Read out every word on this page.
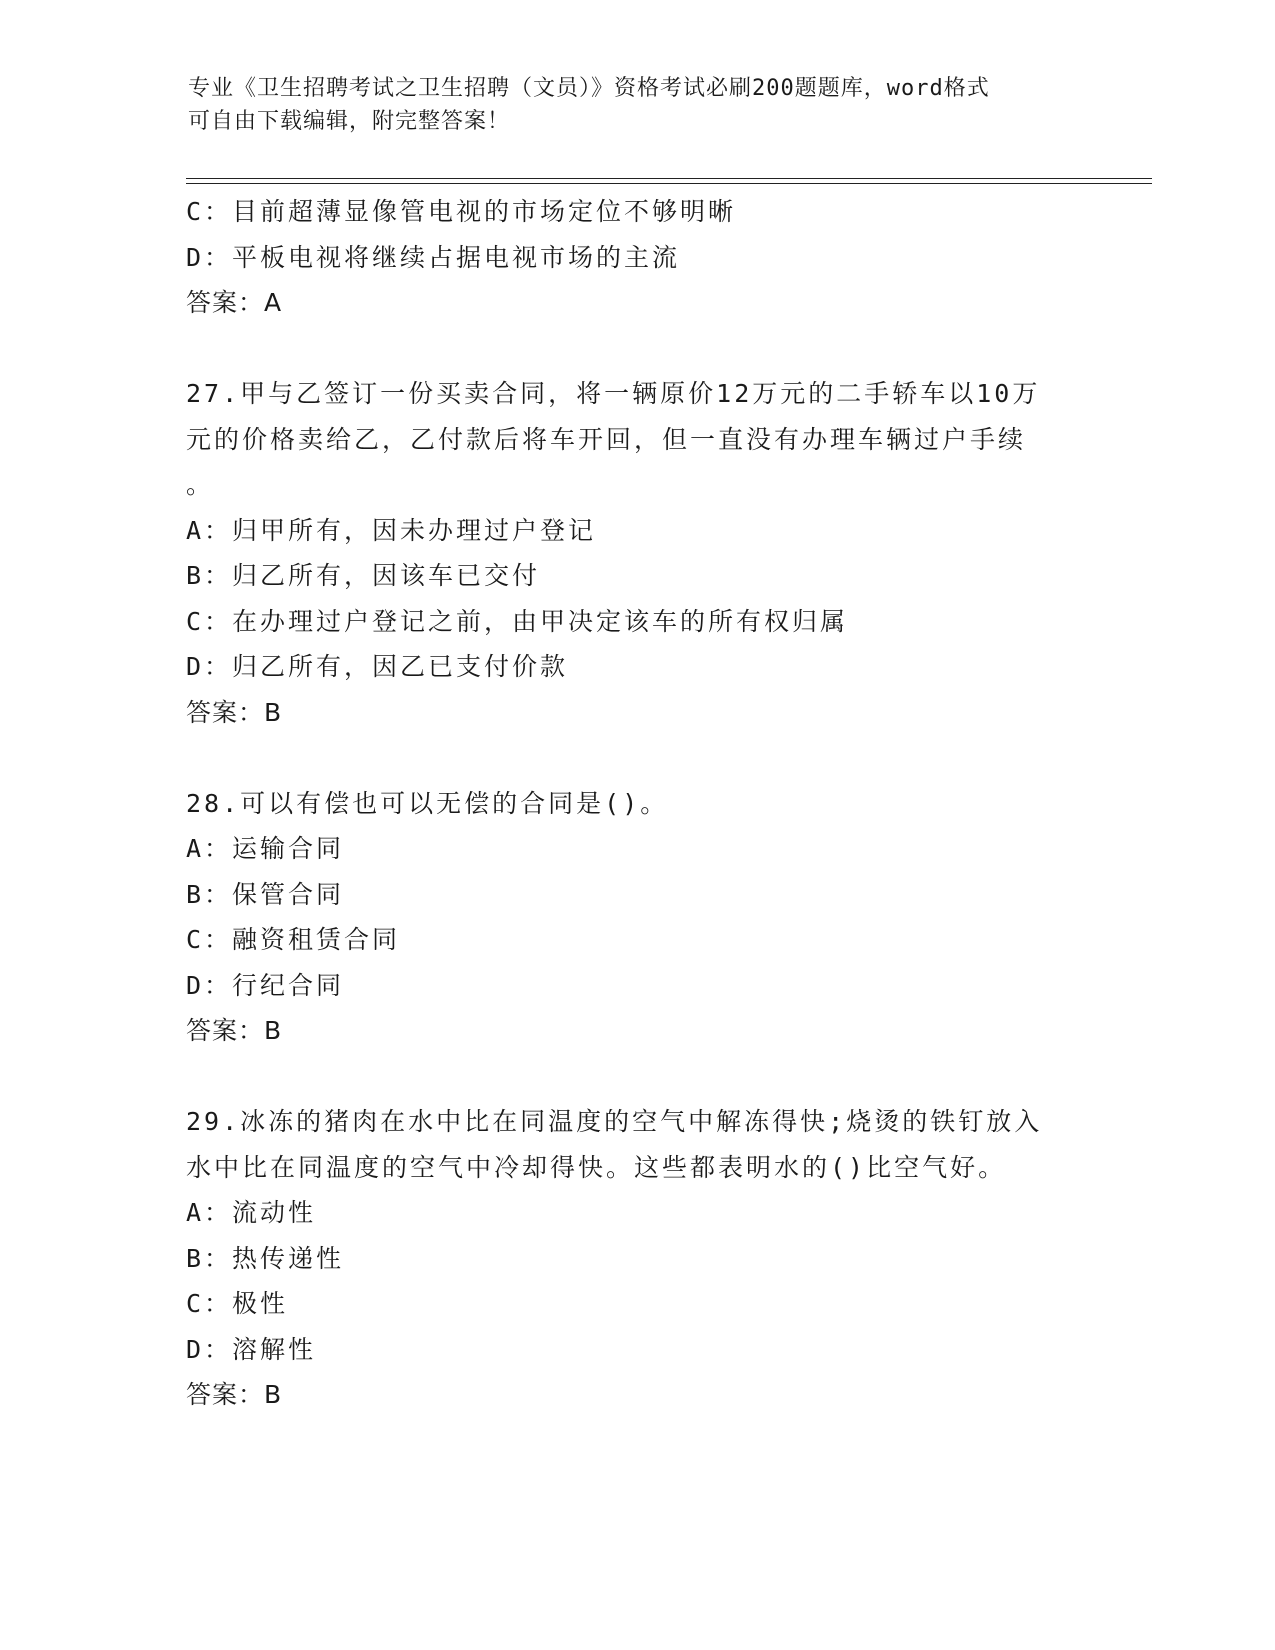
专业《卫生招聘考试之卫生招聘（文员）》资格考试必刷200题题库，word格式
可自由下载编辑，附完整答案！
C：目前超薄显像管电视的市场定位不够明晰
D：平板电视将继续占据电视市场的主流
答案：A
27.甲与乙签订一份买卖合同，将一辆原价12万元的二手轿车以10万
元的价格卖给乙，乙付款后将车开回，但一直没有办理车辆过户手续
。
A：归甲所有，因未办理过户登记
B：归乙所有，因该车已交付
C：在办理过户登记之前，由甲决定该车的所有权归属
D：归乙所有，因乙已支付价款
答案：B
28.可以有偿也可以无偿的合同是()。
A：运输合同
B：保管合同
C：融资租赁合同
D：行纪合同
答案：B
29.冰冻的猪肉在水中比在同温度的空气中解冻得快;烧烫的铁钉放入
水中比在同温度的空气中冷却得快。这些都表明水的()比空气好。
A：流动性
B：热传递性
C：极性
D：溶解性
答案：B
